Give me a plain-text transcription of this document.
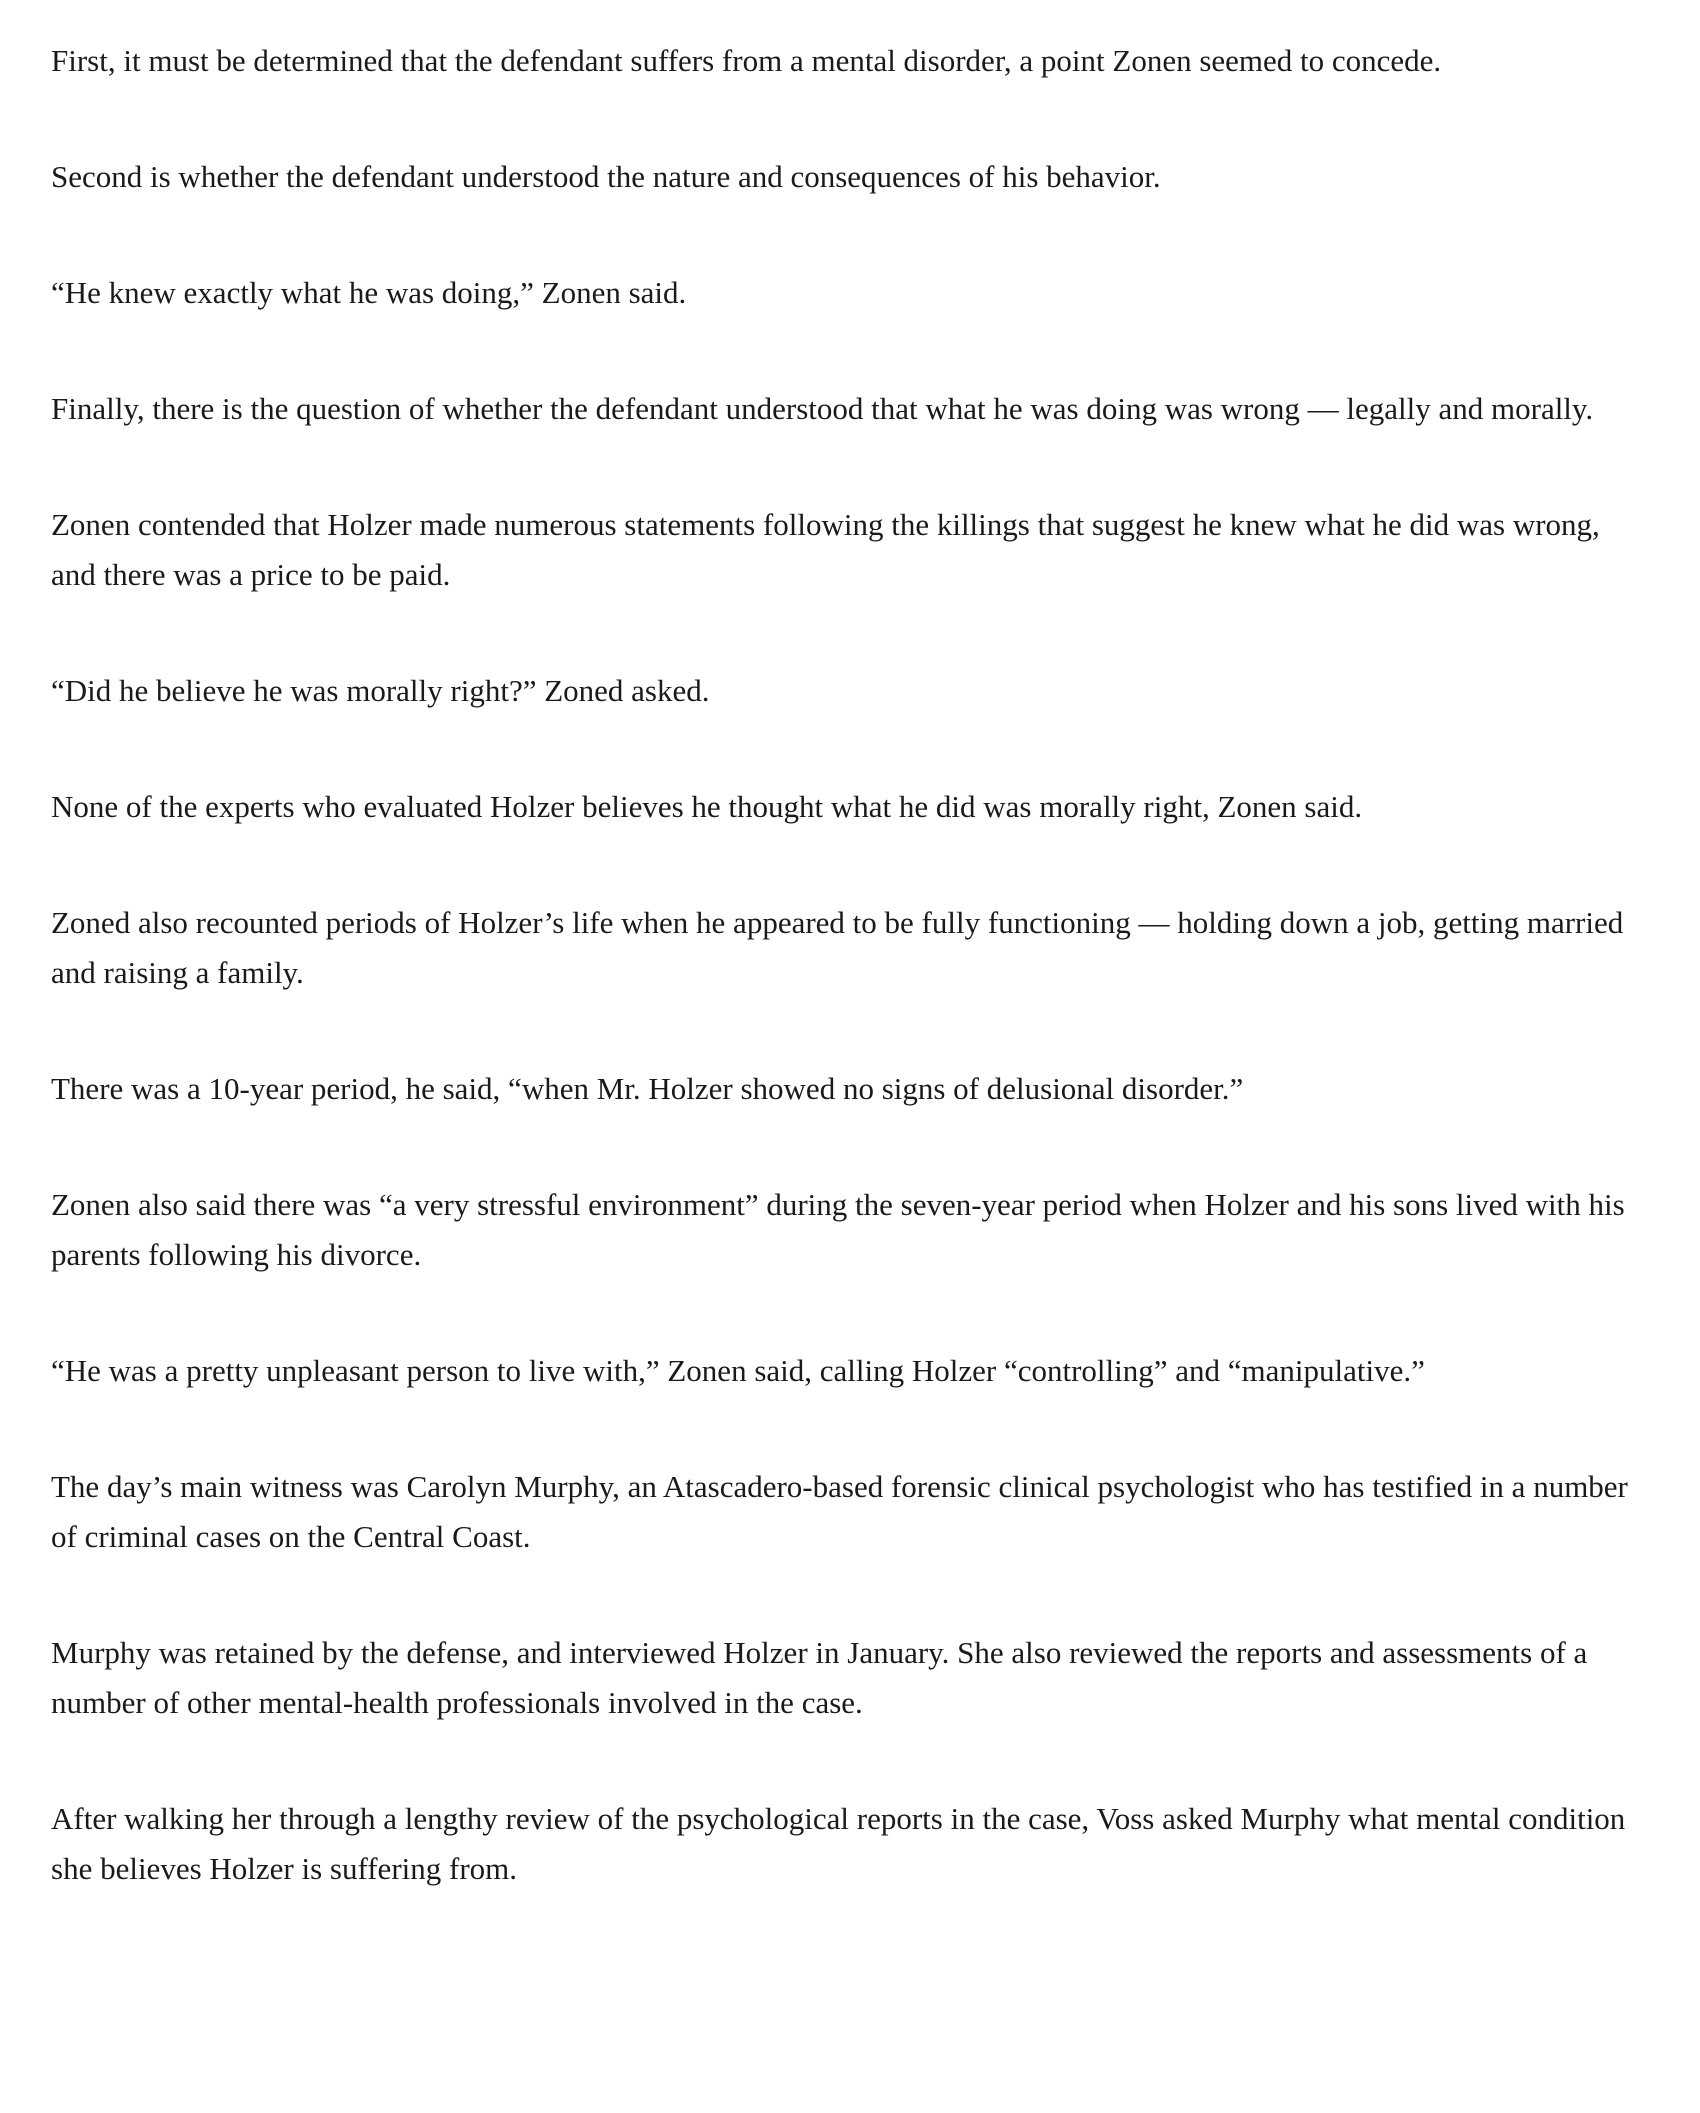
First, it must be determined that the defendant suffers from a mental disorder, a point Zonen seemed to concede.

Second is whether the defendant understood the nature and consequences of his behavior.

“He knew exactly what he was doing,” Zonen said.

Finally, there is the question of whether the defendant understood that what he was doing was wrong — legally and morally.

Zonen contended that Holzer made numerous statements following the killings that suggest he knew what he did was wrong, and there was a price to be paid.

“Did he believe he was morally right?” Zoned asked.

None of the experts who evaluated Holzer believes he thought what he did was morally right, Zonen said.

Zoned also recounted periods of Holzer’s life when he appeared to be fully functioning — holding down a job, getting married and raising a family.

There was a 10-year period, he said, “when Mr. Holzer showed no signs of delusional disorder.”

Zonen also said there was “a very stressful environment” during the seven-year period when Holzer and his sons lived with his parents following his divorce.

“He was a pretty unpleasant person to live with,” Zonen said, calling Holzer “controlling” and “manipulative.”

The day’s main witness was Carolyn Murphy, an Atascadero-based forensic clinical psychologist who has testified in a number of criminal cases on the Central Coast.

Murphy was retained by the defense, and interviewed Holzer in January. She also reviewed the reports and assessments of a number of other mental-health professionals involved in the case.

After walking her through a lengthy review of the psychological reports in the case, Voss asked Murphy what mental condition she believes Holzer is suffering from.
